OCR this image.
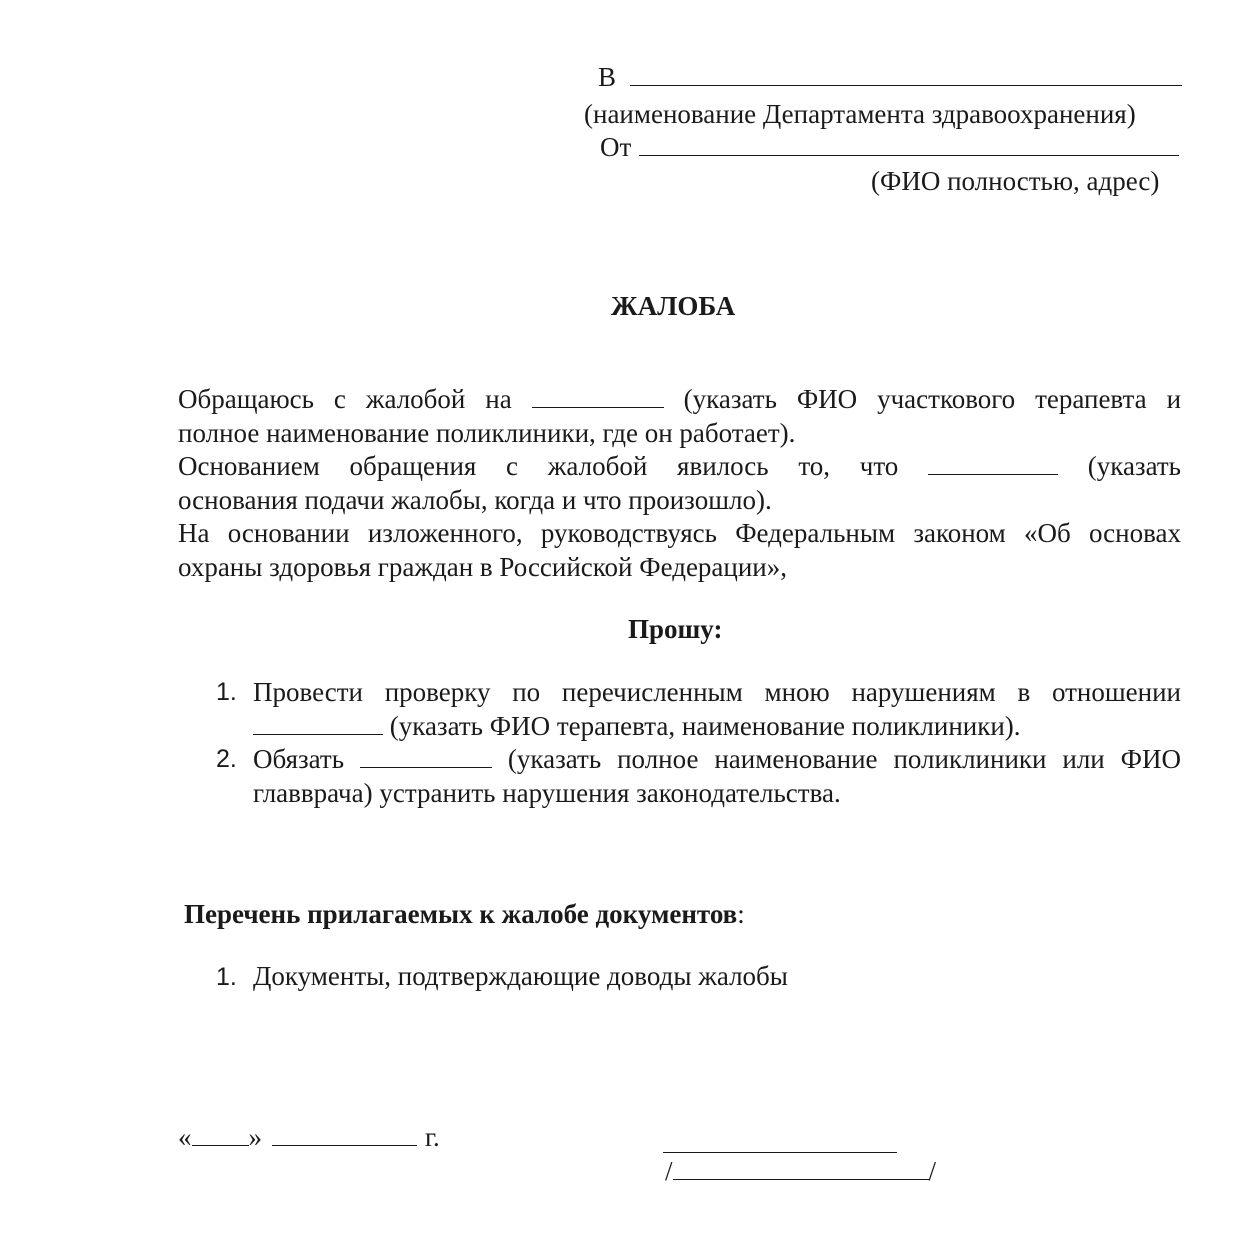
В
(наименование Департамента здравоохранения)
От
(ФИО полностью, адрес)
ЖАЛОБА
Обращаюсь с жалобой на	(указать ФИО участкового терапевта и
полное наименование поликлиники, где он работает).
Основанием обращения с жалобой явилось то, что	(указать
основания подачи жалобы, когда и что произошло).
На основании изложенного, руководствуясь Федеральным законом «Об основах
охраны здоровья граждан в Российской Федерации»,
Прошу:
1. Провести проверку по перечисленным мною нарушениям в отношении
(указать ФИО терапевта, наименование поликлиники).
2. Обязать	(указать полное наименование поликлиники или ФИО
главврача) устранить нарушения законодательства.
Перечень прилагаемых к жалобе документов:
1. Документы, подтверждающие доводы жалобы
« »	г.
/	/
